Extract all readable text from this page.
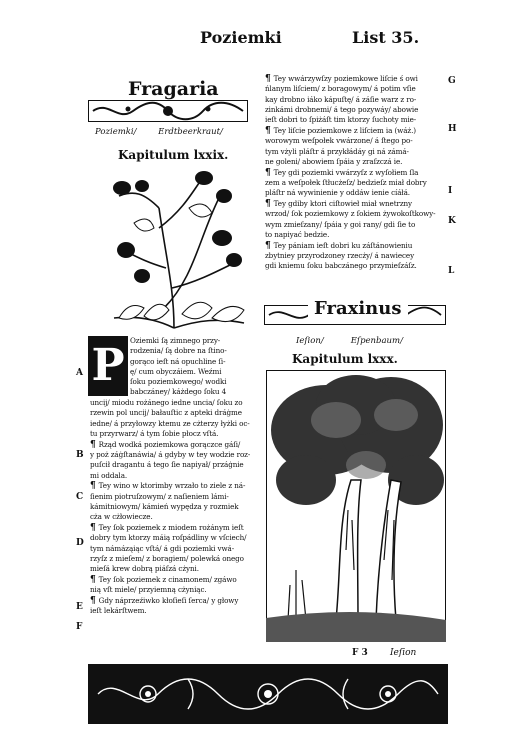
Poziemki	List 35.
Fragaria
Poziemki/        Erdtbeerkraut/
Kapitulum lxxix.
P Oziemki ſą zimnego przy-

rodzenia/ ſą dobre na ſtino-

gorąco ieſt ná opuchline ſi-

ę/ cum obyczáiem. Weźmi

ſoku poziemkowego/ wodki

babczáney/ káżdego ſoku 4

uncij/ miodu rożánego iedne uncia/ ſoku zo

rzewin pol uncij/ bałauſtic z apteki dráġme

iedne/ á przyłowzy ktemu ze cżterzy łyżki oc-

tu przyrwarz/ á tym ſobie płocz vſtá.

¶ Rząd wodká poziemkowa gorączce gáſi/

y poż záġſtanáwia/ á gdyby w tey wodzie roz-

puſcił dragantu á tego ſie napiyał/ przáġnie

mi oddala.

¶ Tey wino w ktorimby wrzało to ziele z ná-

ſienim piotruſzowym/ z naſieniem lámi-

kámitniowym/ kámień wypędza y rozmiek

cża w cżłowiecze.

¶ Tey ſok poziemek z miodem rożánym ieſt

dobry tym ktorzy máią roſpádliny w vſciech/

tym námáząiąc vſtá/ á gdi poziemki vwá-

rzyſz z mieſem/ z boragiem/ polewká onego

mieſá krew dobrą piáſzá cżyni.

¶ Tey ſok poziemek z cinamonem/ zgáwo

nią vſt miele/ przyiemną cżyniąc.

¶ Gdy náprzeźiwko kłoſieſi ſerca/ y głowy

ieſt lekárſtwem.

A
B
C
D
E
F

¶ Tey wwárzywſzy poziemkowe liſcie ś owi

ńlanym liſciem/ z boragowym/ á potim vſie

kay drobno iáko kápuſtę/ á záſie warz z ro-

zinkámi drobnemi/ á tego pozywáy/ abowie

ieſt dobri to ſpiżáſt tim ktorzy ſuchoty mie-

¶ Tey liſcie poziemkowe z liſciem ia (wáż.)

worowym weſpołek vwárzone/ á ſtego po-

tym vżyli pláſtr á przykłádáy gi ná zámá-

ne goleni/ abowiem ſpáia y zraſzczá ie.

¶ Tey gdi poziemki vwárzyſz z wyſołiem ſla

zem a weſpołek ſtłucżeſz/ bedzieſz miał dobry

pláſtr ná wywinienie y oddáw ienie cíáłá.

¶ Tey gdiby ktori ciſtowieł miał wnetrzny

wrzod/ ſok poziemkowy z ſokiem żywokoſtkowy-

wym zmieſzany/ ſpáia y goi rany/ gdi ſie to

to napiyać bedzie.

¶ Tey pániam ieſt dobri ku záſtánowieniu

zbytniey przyrodzoney rzecży/ á nawiecey

gdi kniemu ſoku babczánego przymieſzáſz.

G
H
I
K
L
Fraxinus
Ieſion/          Eſpenbaum/
Kapitulum lxxx.
F 3 Ieſion
